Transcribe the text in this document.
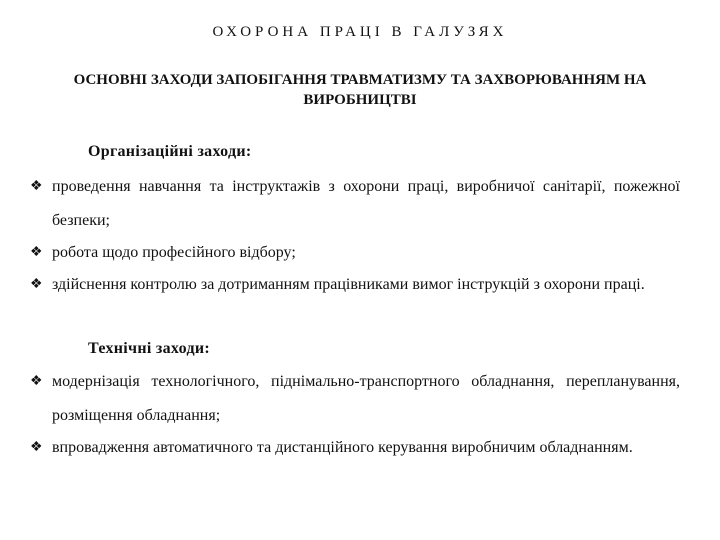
ОХОРОНА ПРАЦІ В ГАЛУЗЯХ
ОСНОВНІ ЗАХОДИ ЗАПОБІГАННЯ ТРАВМАТИЗМУ ТА ЗАХВОРЮВАННЯМ НА ВИРОБНИЦТВІ
Організаційні заходи:
❖ проведення навчання та інструктажів з охорони праці, виробничої санітарії, пожежної безпеки;
❖ робота щодо професійного відбору;
❖ здійснення контролю за дотриманням працівниками вимог інструкцій з охорони праці.
Технічні заходи:
❖ модернізація технологічного, піднімально-транспортного обладнання, перепланування, розміщення обладнання;
❖ впровадження автоматичного та дистанційного керування виробничим обладнанням.
